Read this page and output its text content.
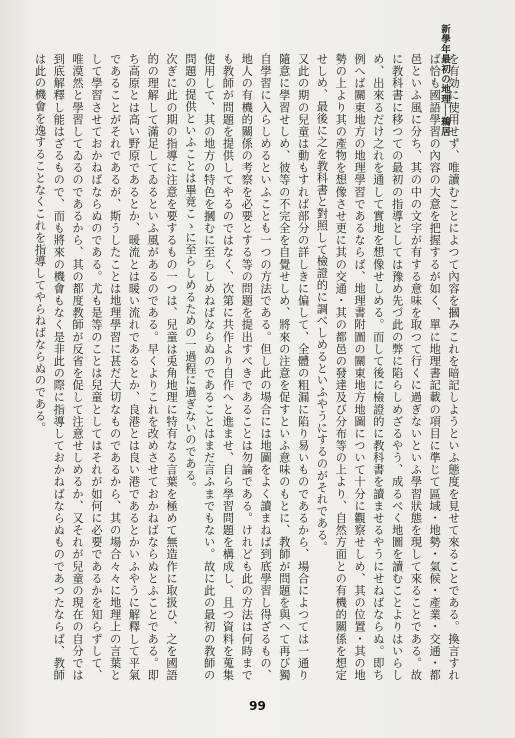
新學年最初の地理──鵜居

を有効に使用せず、唯讀むことによつて內容を摑みこれを暗記しようといふ態度を見せて來ることである。換言すれば恰も國語學習の內容の大意を把握するが如く、單に地理書記載の項目に準じて區域・地勢・氣候・產業・交通・都邑といふ風に分ち、其の中の文字が有する意味を取つて行くに過ぎないといふ學習狀態を現して來ることである。故に教科書に移つての最初の指導としては豫め先づ此の弊に陷らしめざるやう、成るべく地圖を讀むことよりはいらしめ、出來るだけ之れを通して實地を想像せしめる。而して後に檢證的に教科書を讀ませるやうにせねばならぬ。即ち例へば關東地方の地理學習であるならば、地理書附圖の關東地方地圖について十分に觀察せしめ、其の位置・其の地勢の上より其の產物を想像させ更に其の交通・其の都邑の發達及び分布等の上より、自然方面との有機的關係を想定せしめ、最後に之を教科書と對照して檢證的に調べしめるといふやうにするのがそれである。

又此の期の兒童は動もすれば部分の詳しきに偏して、全體の粗漏に陷り易いものであるから、場合によつては一通り隨意に學習せしめ、彼等の不完全を自覺せしめ、將來の注意を促すといふ意味のもとに、教師が問題を與へて再び獨自學習に入らしめるといふことも一つの方法である。但し此の場合には地圖をよく讀まねば到底學習し得ざるもの、地人の有機的關係の考察を必要とする等の問題を提出すべきであることは勿論である。けれども此の方法は何時までも教師が問題を提供してやるのではなく、次第に共作より自作へと進ませ、自ら學習問題を構成し、且つ資料を蒐集使用して、其の地方の特色を摑むに至らしめねばならぬのであることはまだ言ふまでもない。故に此の最初の教師の問題の提供といふことは畢竟こゝに至らしめるための一過程に過ぎないのである。

次ぎに此の期の指導に注意を要するもの一つは、兒童は兎角地理に特有なる言葉を極めて無造作に取扱ひ、之を國語的の理解して滿足してゐるといふ風があるのである。早くよりこれを改めさせておかねばならぬとふことである。即ち高原とは高い野原であるとか、暖流とは暖い流れであるとか、良港とは良い港であるとかいふやうに解釋して平氣であることがそれであるが、斯うしたことは地理學習に甚だ大切なものであるから、其の場合々々に地理上の言葉として學習させておかねばならぬのである。尤も是等のことは兒童としてはそれが如何に必要であるかを知らずして、唯漠然と學習してゐるのであるから、其の都度教師が反省を促して注意せしめるか、又それが兒童の現在の自分では到底解釋し能はざるもので、而も將來の機會もなく是非此の際に指導しておかねばならぬものであつたならば、教師は此の機會を逸することなくこれを指導してやらねばならぬのである。

99
